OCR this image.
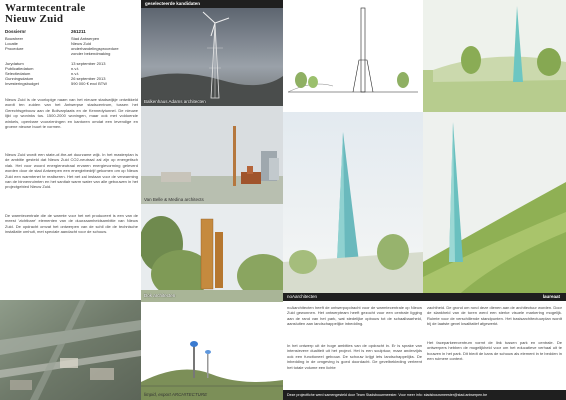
Warmtecentrale
Nieuw Zuid
Dossiernr	261211
Bouwheer	Stad Antwerpen
Locatie	Nieuw Zuid
Procedure	onderhandelingsprocedure
zonder bekendmaking
Jurydatum	13 september 2013
Publicatiedatum	n.v.t.
Selectiedatum	n.v.t.
Gunningsdatum	26 september 2013
Investeringsbudget	590 000 € excl BTW
Nieuw Zuid is de voorlopige naam van het nieuwe stadswijkje ontwikkeld wordt ten zuiden van het Antwerpse stadscentrum, tussen het Gerechtsgebouw aan de Bolivarplaats en de Kennedytunnel. De nieuwe lijkt op woninks tus. 1500-2000 woningen, maar ook met voldoende winkels, openbare voorzieningen en kantoren omdat een levendige en groene nieuwe buurt te vormen.
Nieuw Zuid wordt een state-of-the-art duurzame wijk. In het masterplan is de ambitie gesteld dat Nieuw Zuid CO2-neutraal zal zijn op energetisch vlak. Het voor woord energieneutraal ervaren energievorming geleverd worden door de stad Antwerpen een energiebedrijf gekomen om op Nieuw Zuid een warmtenet te realiseren. Het net zal instaan voor de verwarming van de binnenruimten en het sanitair warm water van alle gebouwen in het projectgebied Nieuw Zuid.
De warmtecentrale die de warmte voor het net produceert is een van de meest 'zichtbare' elementen van de duurzaamheidsambitie van Nieuw Zuid. De opdracht omvat het ontwerpen van de schil die de technische installatie omhult, met speciale aandacht voor de schouw.
geselecteerde kandidaten
Balkenhaus Adams architecten
Van Belle & Medina architects
Dok architecten
limpid, export ARCHITECTURE
noAarchitecten	laureaat
noAarchitecten heeft de ontwerpopdracht voor de warmtecentrale op Nieuw Zuid gewonnen. Het ontwerpteam heeft gezocht voor een centrale ligging aan de rand van het park, wat stedelijke opbouw tot de schaalbaarheid, aansluiten aan landschappelijke inbedding.
In het ontwerp uit de hoge ambities van de opdracht in. Er is sprake van intensievere dualiteit uit het project. Het is een sculptuur, maar anderzijds ook een functioneel gebouw. De schouw krijgt iets landschappelijks. De inbedding in de omgeving is goed doordacht. De gevelbekleding verleent het totale volume een lichte
zachtheid. De grond om rond deze dienen aan de architectuur worden. Door de slankheid van de toren werd een sterke visuele markering mogelijk. Ruimte voor de verschillende standpunten. Het basisarchitectuurplan wordt bij de laatste gevel kwalitatief afgewerkt.
Het faceparkeercentrum vormt de link tussen park en centrale. De ontwerpers hebben de mogelijkheid voor om het educatieve verhaal uit te bouwen in het park. Dit biedt de kans de schouw als element in te bedden in een ruimere context.
Deze projectfiche werd samengesteld door Team Stadsbouwmeester. Voor meer info: stadsbouwmeester@stad.antwerpen.be
